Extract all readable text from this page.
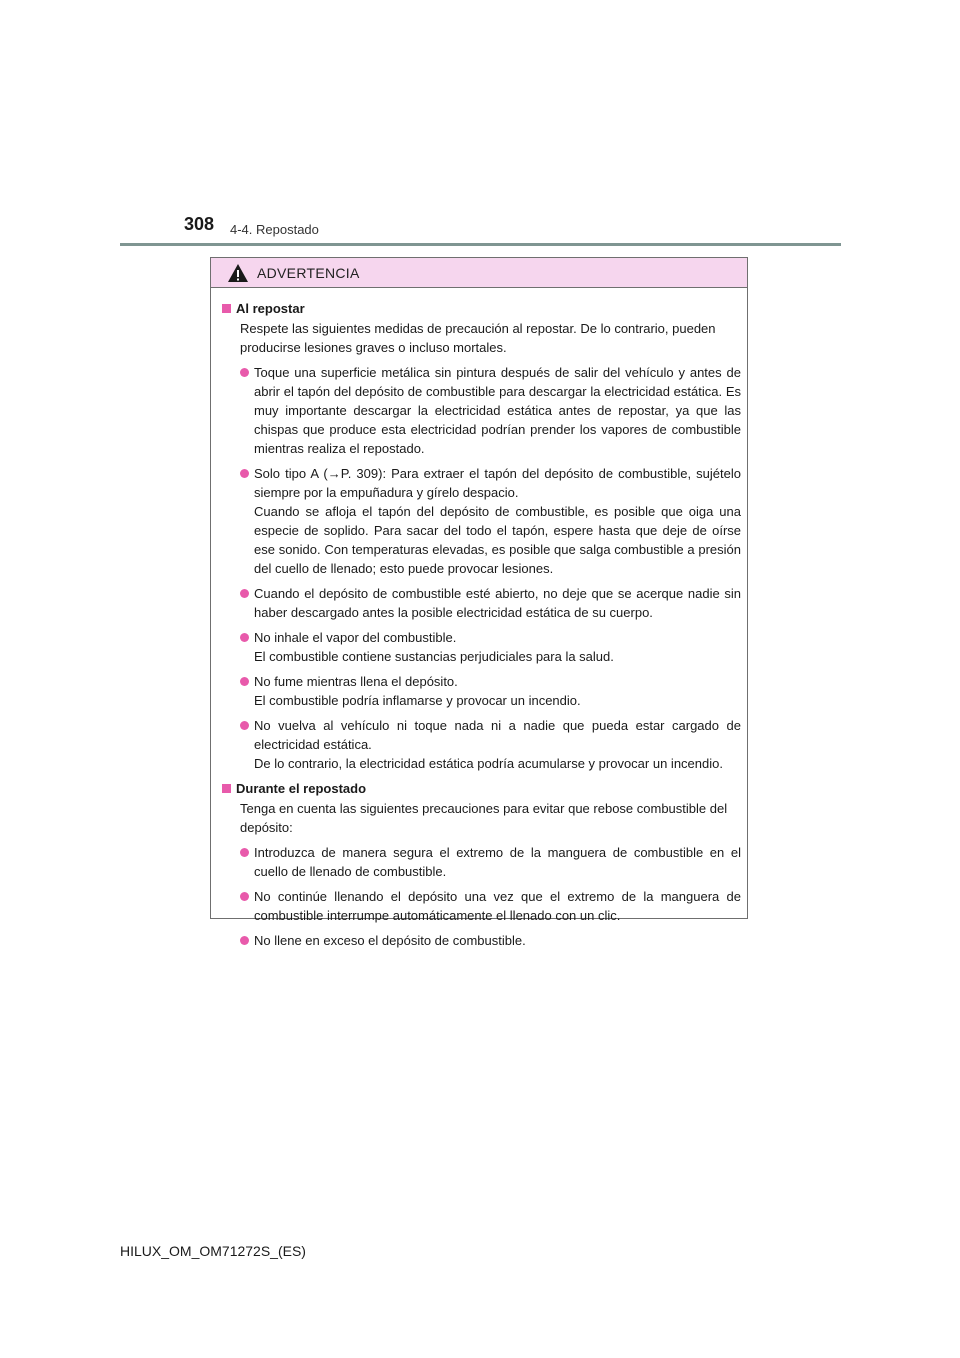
308 4-4. Repostado
ADVERTENCIA
Al repostar
Respete las siguientes medidas de precaución al repostar. De lo contrario, pueden producirse lesiones graves o incluso mortales.

Toque una superficie metálica sin pintura después de salir del vehículo y antes de abrir el tapón del depósito de combustible para descargar la electricidad estática. Es muy importante descargar la electricidad estática antes de repostar, ya que las chispas que produce esta electricidad podrían prender los vapores de combustible mientras realiza el repostado.

Solo tipo A (→P. 309): Para extraer el tapón del depósito de combustible, sujételo siempre por la empuñadura y gírelo despacio.

Cuando se afloja el tapón del depósito de combustible, es posible que oiga una especie de soplido. Para sacar del todo el tapón, espere hasta que deje de oírse ese sonido. Con temperaturas elevadas, es posible que salga combustible a presión del cuello de llenado; esto puede provocar lesiones.

Cuando el depósito de combustible esté abierto, no deje que se acerque nadie sin haber descargado antes la posible electricidad estática de su cuerpo.

No inhale el vapor del combustible.

El combustible contiene sustancias perjudiciales para la salud.

No fume mientras llena el depósito.

El combustible podría inflamarse y provocar un incendio.

No vuelva al vehículo ni toque nada ni a nadie que pueda estar cargado de electricidad estática.

De lo contrario, la electricidad estática podría acumularse y provocar un incendio.

Durante el repostado
Tenga en cuenta las siguientes precauciones para evitar que rebose combustible del depósito:

Introduzca de manera segura el extremo de la manguera de combustible en el cuello de llenado de combustible.

No continúe llenando el depósito una vez que el extremo de la manguera de combustible interrumpe automáticamente el llenado con un clic.

No llene en exceso el depósito de combustible.

HILUX_OM_OM71272S_(ES)
